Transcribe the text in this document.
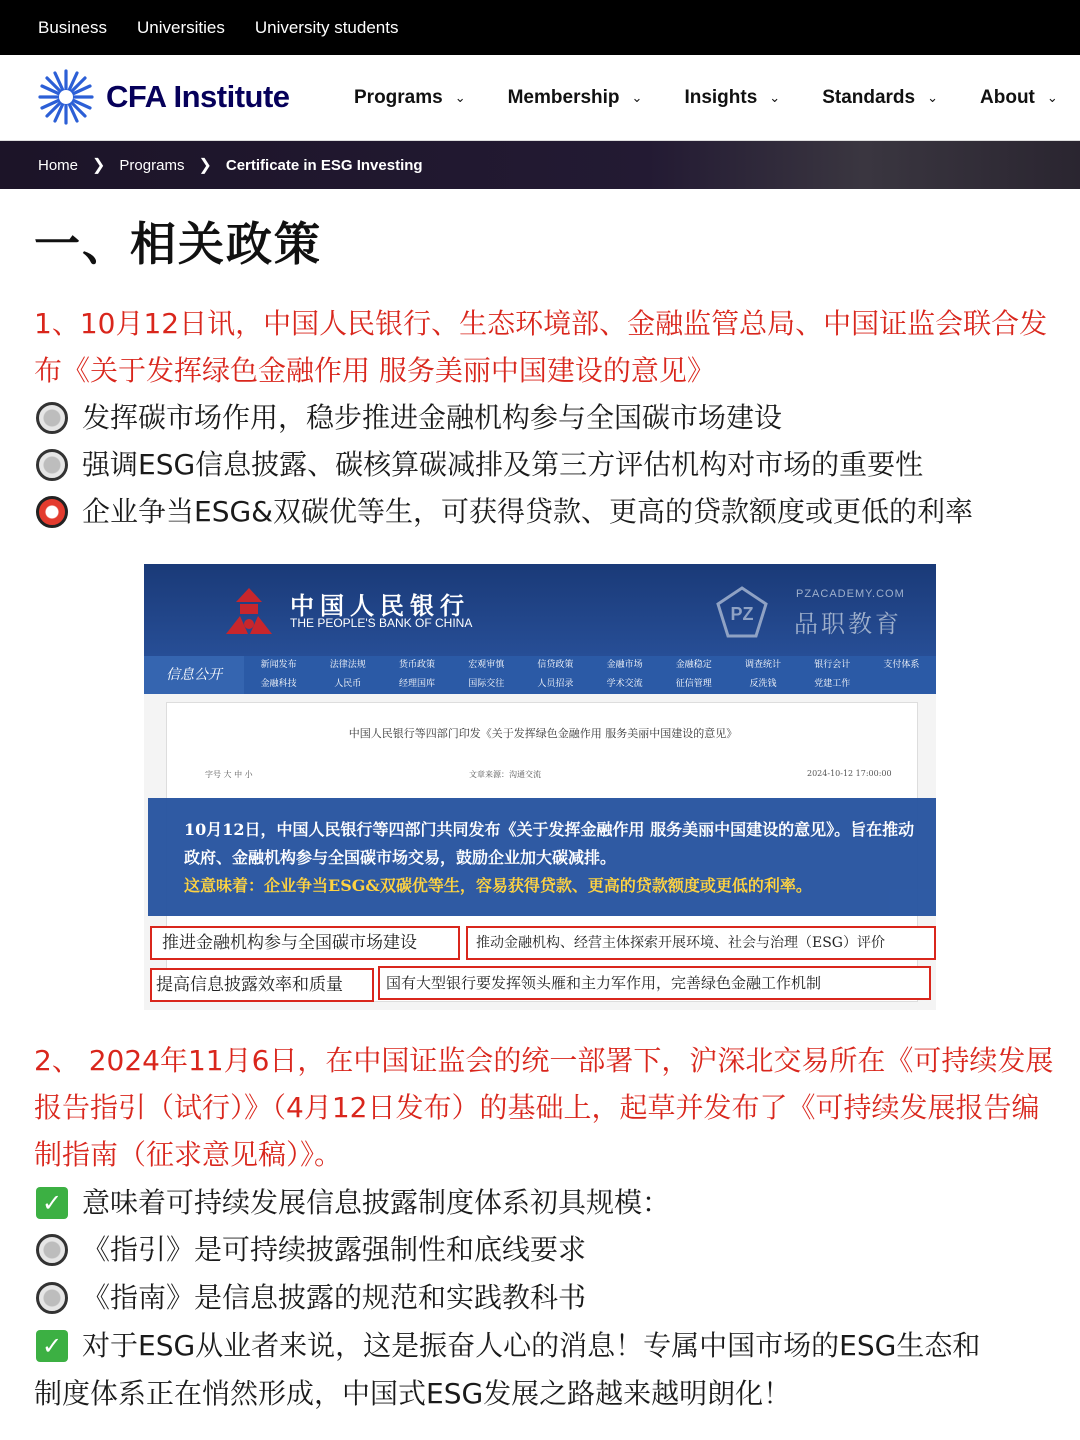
Business Universities University students
CFA Institute	Programs ⌄ Membership ⌄ Insights ⌄ Standards ⌄ About ⌄
Home ❯ Programs ❯ Certificate in ESG Investing
一、相关政策
1、10月12日讯，中国人民银行、生态环境部、金融监管总局、中国证监会联合发布《关于发挥绿色金融作用 服务美丽中国建设的意见》
发挥碳市场作用，稳步推进金融机构参与全国碳市场建设
强调ESG信息披露、碳核算碳减排及第三方评估机构对市场的重要性
企业争当ESG&双碳优等生，可获得贷款、更高的贷款额度或更低的利率
中国人民银行
THE PEOPLE'S BANK OF CHINA	PZ
PZACADEMY.COM
品职教育
信息公开
新闻发布	法律法规	货币政策	宏观审慎	信贷政策	金融市场	金融稳定	调查统计	银行会计	支付体系
金融科技	人民币	经理国库	国际交往	人员招录	学术交流	征信管理	反洗钱	党建工作
中国人民银行等四部门印发《关于发挥绿色金融作用 服务美丽中国建设的意见》
字号 大 中 小	文章来源：沟通交流	2024-10-12 17:00:00
10月12日，中国人民银行等四部门共同发布《关于发挥金融作用 服务美丽中国建设的意见》。旨在推动政府、金融机构参与全国碳市场交易，鼓励企业加大碳减排。
这意味着：企业争当ESG&双碳优等生，容易获得贷款、更高的贷款额度或更低的利率。
推进金融机构参与全国碳市场建设	推动金融机构、经营主体探索开展环境、社会与治理（ESG）评价
提高信息披露效率和质量	国有大型银行要发挥领头雁和主力军作用，完善绿色金融工作机制
2、 2024年11月6日，在中国证监会的统一部署下，沪深北交易所在《可持续发展报告指引（试行）》（4月12日发布）的基础上，起草并发布了《可持续发展报告编制指南（征求意见稿）》。
✓ 意味着可持续发展信息披露制度体系初具规模：
《指引》是可持续披露强制性和底线要求
《指南》是信息披露的规范和实践教科书
✓ 对于ESG从业者来说，这是振奋人心的消息！专属中国市场的ESG生态和
制度体系正在悄然形成，中国式ESG发展之路越来越明朗化！
